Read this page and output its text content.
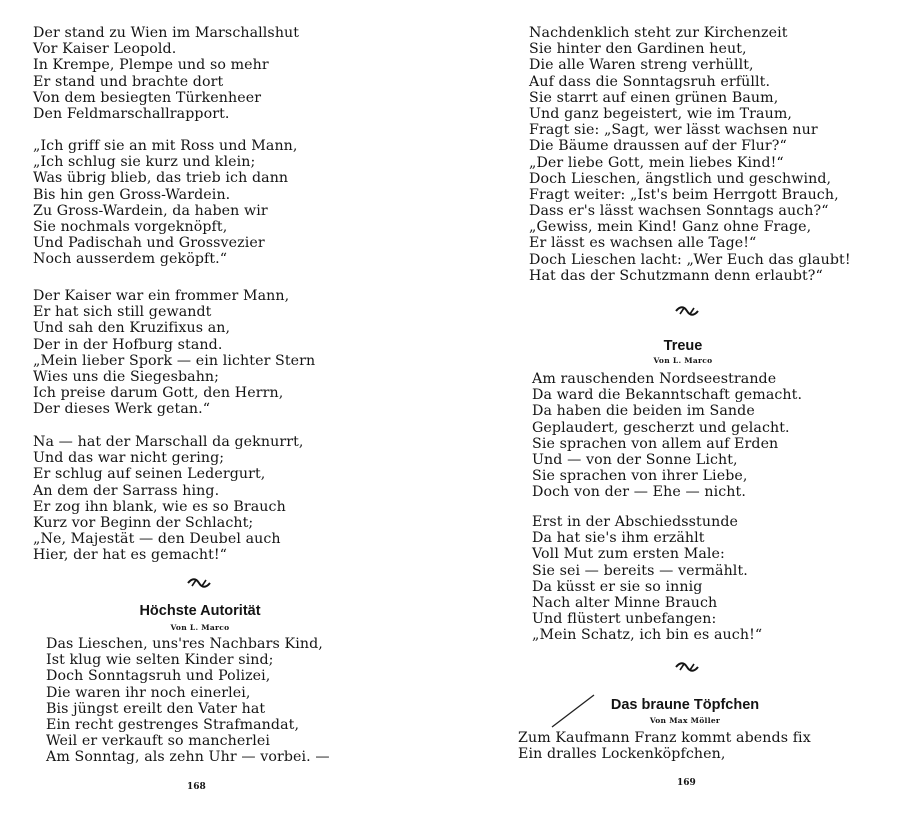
Der stand zu Wien im Marschallshut
Vor Kaiser Leopold.
In Krempe, Plempe und so mehr
Er stand und brachte dort
Von dem besiegten Türkenheer
Den Feldmarschallrapport.
„Ich griff sie an mit Ross und Mann,
„Ich schlug sie kurz und klein;
Was übrig blieb, das trieb ich dann
Bis hin gen Gross-Wardein.
Zu Gross-Wardein, da haben wir
Sie nochmals vorgeknöpft,
Und Padischah und Grossvezier
Noch ausserdem geköpft.“
Der Kaiser war ein frommer Mann,
Er hat sich still gewandt
Und sah den Kruzifixus an,
Der in der Hofburg stand.
„Mein lieber Spork — ein lichter Stern
Wies uns die Siegesbahn;
Ich preise darum Gott, den Herrn,
Der dieses Werk getan.“
Na — hat der Marschall da geknurrt,
Und das war nicht gering;
Er schlug auf seinen Ledergurt,
An dem der Sarrass hing.
Er zog ihn blank, wie es so Brauch
Kurz vor Beginn der Schlacht;
„Ne, Majestät — den Deubel auch
Hier, der hat es gemacht!“
Höchste Autorität
Von L. Marco
Das Lieschen, uns'res Nachbars Kind,
Ist klug wie selten Kinder sind;
Doch Sonntagsruh und Polizei,
Die waren ihr noch einerlei,
Bis jüngst ereilt den Vater hat
Ein recht gestrenges Strafmandat,
Weil er verkauft so mancherlei
Am Sonntag, als zehn Uhr — vorbei. —
168
Nachdenklich steht zur Kirchenzeit
Sie hinter den Gardinen heut,
Die alle Waren streng verhüllt,
Auf dass die Sonntagsruh erfüllt.
Sie starrt auf einen grünen Baum,
Und ganz begeistert, wie im Traum,
Fragt sie: „Sagt, wer lässt wachsen nur
Die Bäume draussen auf der Flur?“
„Der liebe Gott, mein liebes Kind!“
Doch Lieschen, ängstlich und geschwind,
Fragt weiter: „Ist's beim Herrgott Brauch,
Dass er's lässt wachsen Sonntags auch?“
„Gewiss, mein Kind! Ganz ohne Frage,
Er lässt es wachsen alle Tage!“
Doch Lieschen lacht: „Wer Euch das glaubt!
Hat das der Schutzmann denn erlaubt?“
Treue
Von L. Marco
Am rauschenden Nordseestrande
Da ward die Bekanntschaft gemacht.
Da haben die beiden im Sande
Geplaudert, gescherzt und gelacht.
Sie sprachen von allem auf Erden
Und — von der Sonne Licht,
Sie sprachen von ihrer Liebe,
Doch von der — Ehe — nicht.
Erst in der Abschiedsstunde
Da hat sie's ihm erzählt
Voll Mut zum ersten Male:
Sie sei — bereits — vermählt.
Da küsst er sie so innig
Nach alter Minne Brauch
Und flüstert unbefangen:
„Mein Schatz, ich bin es auch!“
Das braune Töpfchen
Von Max Möller
Zum Kaufmann Franz kommt abends fix
Ein dralles Lockenköpfchen,
169
